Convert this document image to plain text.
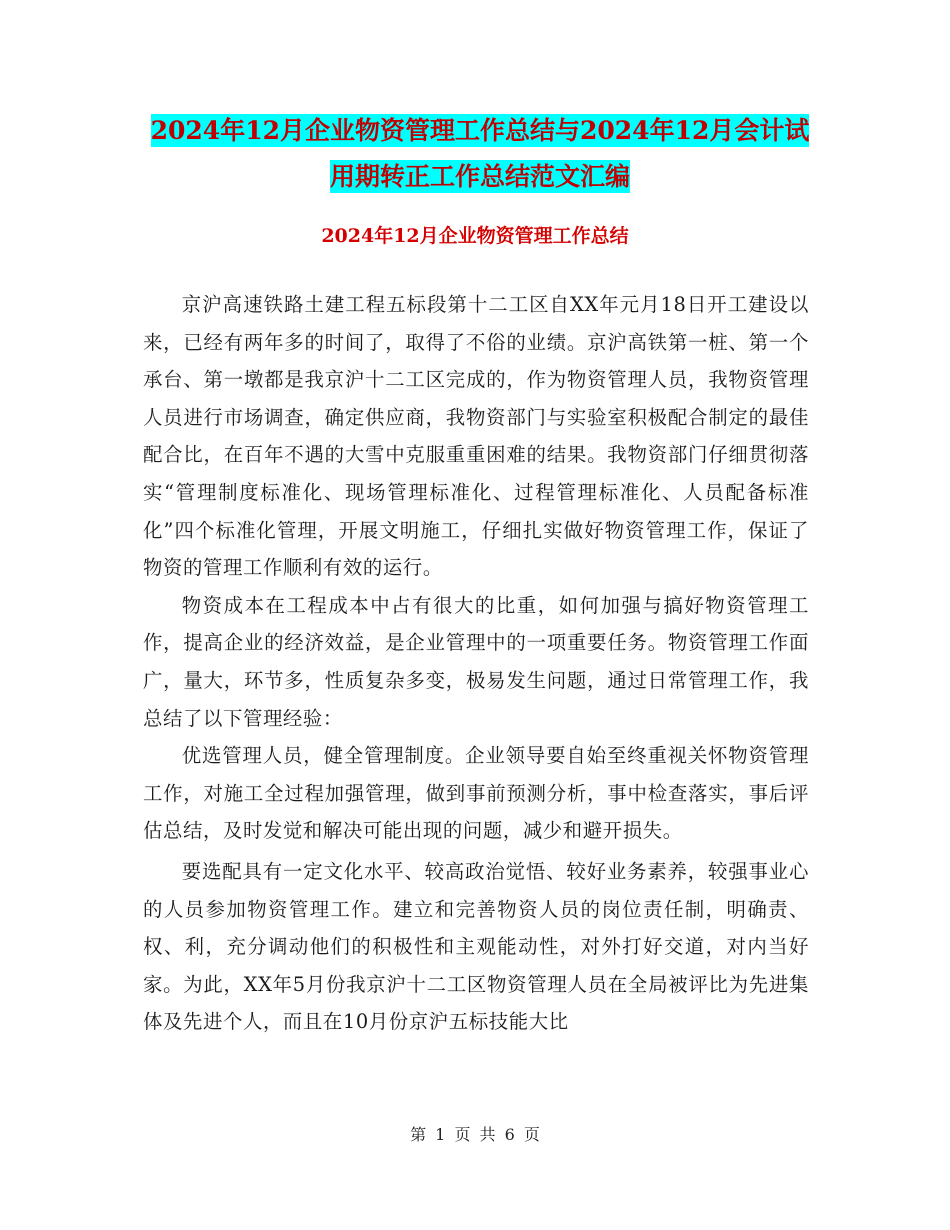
2024年12月企业物资管理工作总结与2024年12月会计试用期转正工作总结范文汇编
2024年12月企业物资管理工作总结

京沪高速铁路土建工程五标段第十二工区自XX年元月18日开工建设以来，已经有两年多的时间了，取得了不俗的业绩。京沪高铁第一桩、第一个承台、第一墩都是我京沪十二工区完成的，作为物资管理人员，我物资管理人员进行市场调查，确定供应商，我物资部门与实验室积极配合制定的最佳配合比，在百年不遇的大雪中克服重重困难的结果。我物资部门仔细贯彻落实“管理制度标准化、现场管理标准化、过程管理标准化、人员配备标准化”四个标准化管理，开展文明施工，仔细扎实做好物资管理工作，保证了物资的管理工作顺利有效的运行。

物资成本在工程成本中占有很大的比重，如何加强与搞好物资管理工作，提高企业的经济效益，是企业管理中的一项重要任务。物资管理工作面广，量大，环节多，性质复杂多变，极易发生问题，通过日常管理工作，我总结了以下管理经验：

优选管理人员，健全管理制度。企业领导要自始至终重视关怀物资管理工作，对施工全过程加强管理，做到事前预测分析，事中检查落实，事后评估总结，及时发觉和解决可能出现的问题，减少和避开损失。

要选配具有一定文化水平、较高政治觉悟、较好业务素养，较强事业心的人员参加物资管理工作。建立和完善物资人员的岗位责任制，明确责、权、利，充分调动他们的积极性和主观能动性，对外打好交道，对内当好家。为此，XX年5月份我京沪十二工区物资管理人员在全局被评比为先进集体及先进个人，而且在10月份京沪五标技能大比

第 1 页 共 6 页
